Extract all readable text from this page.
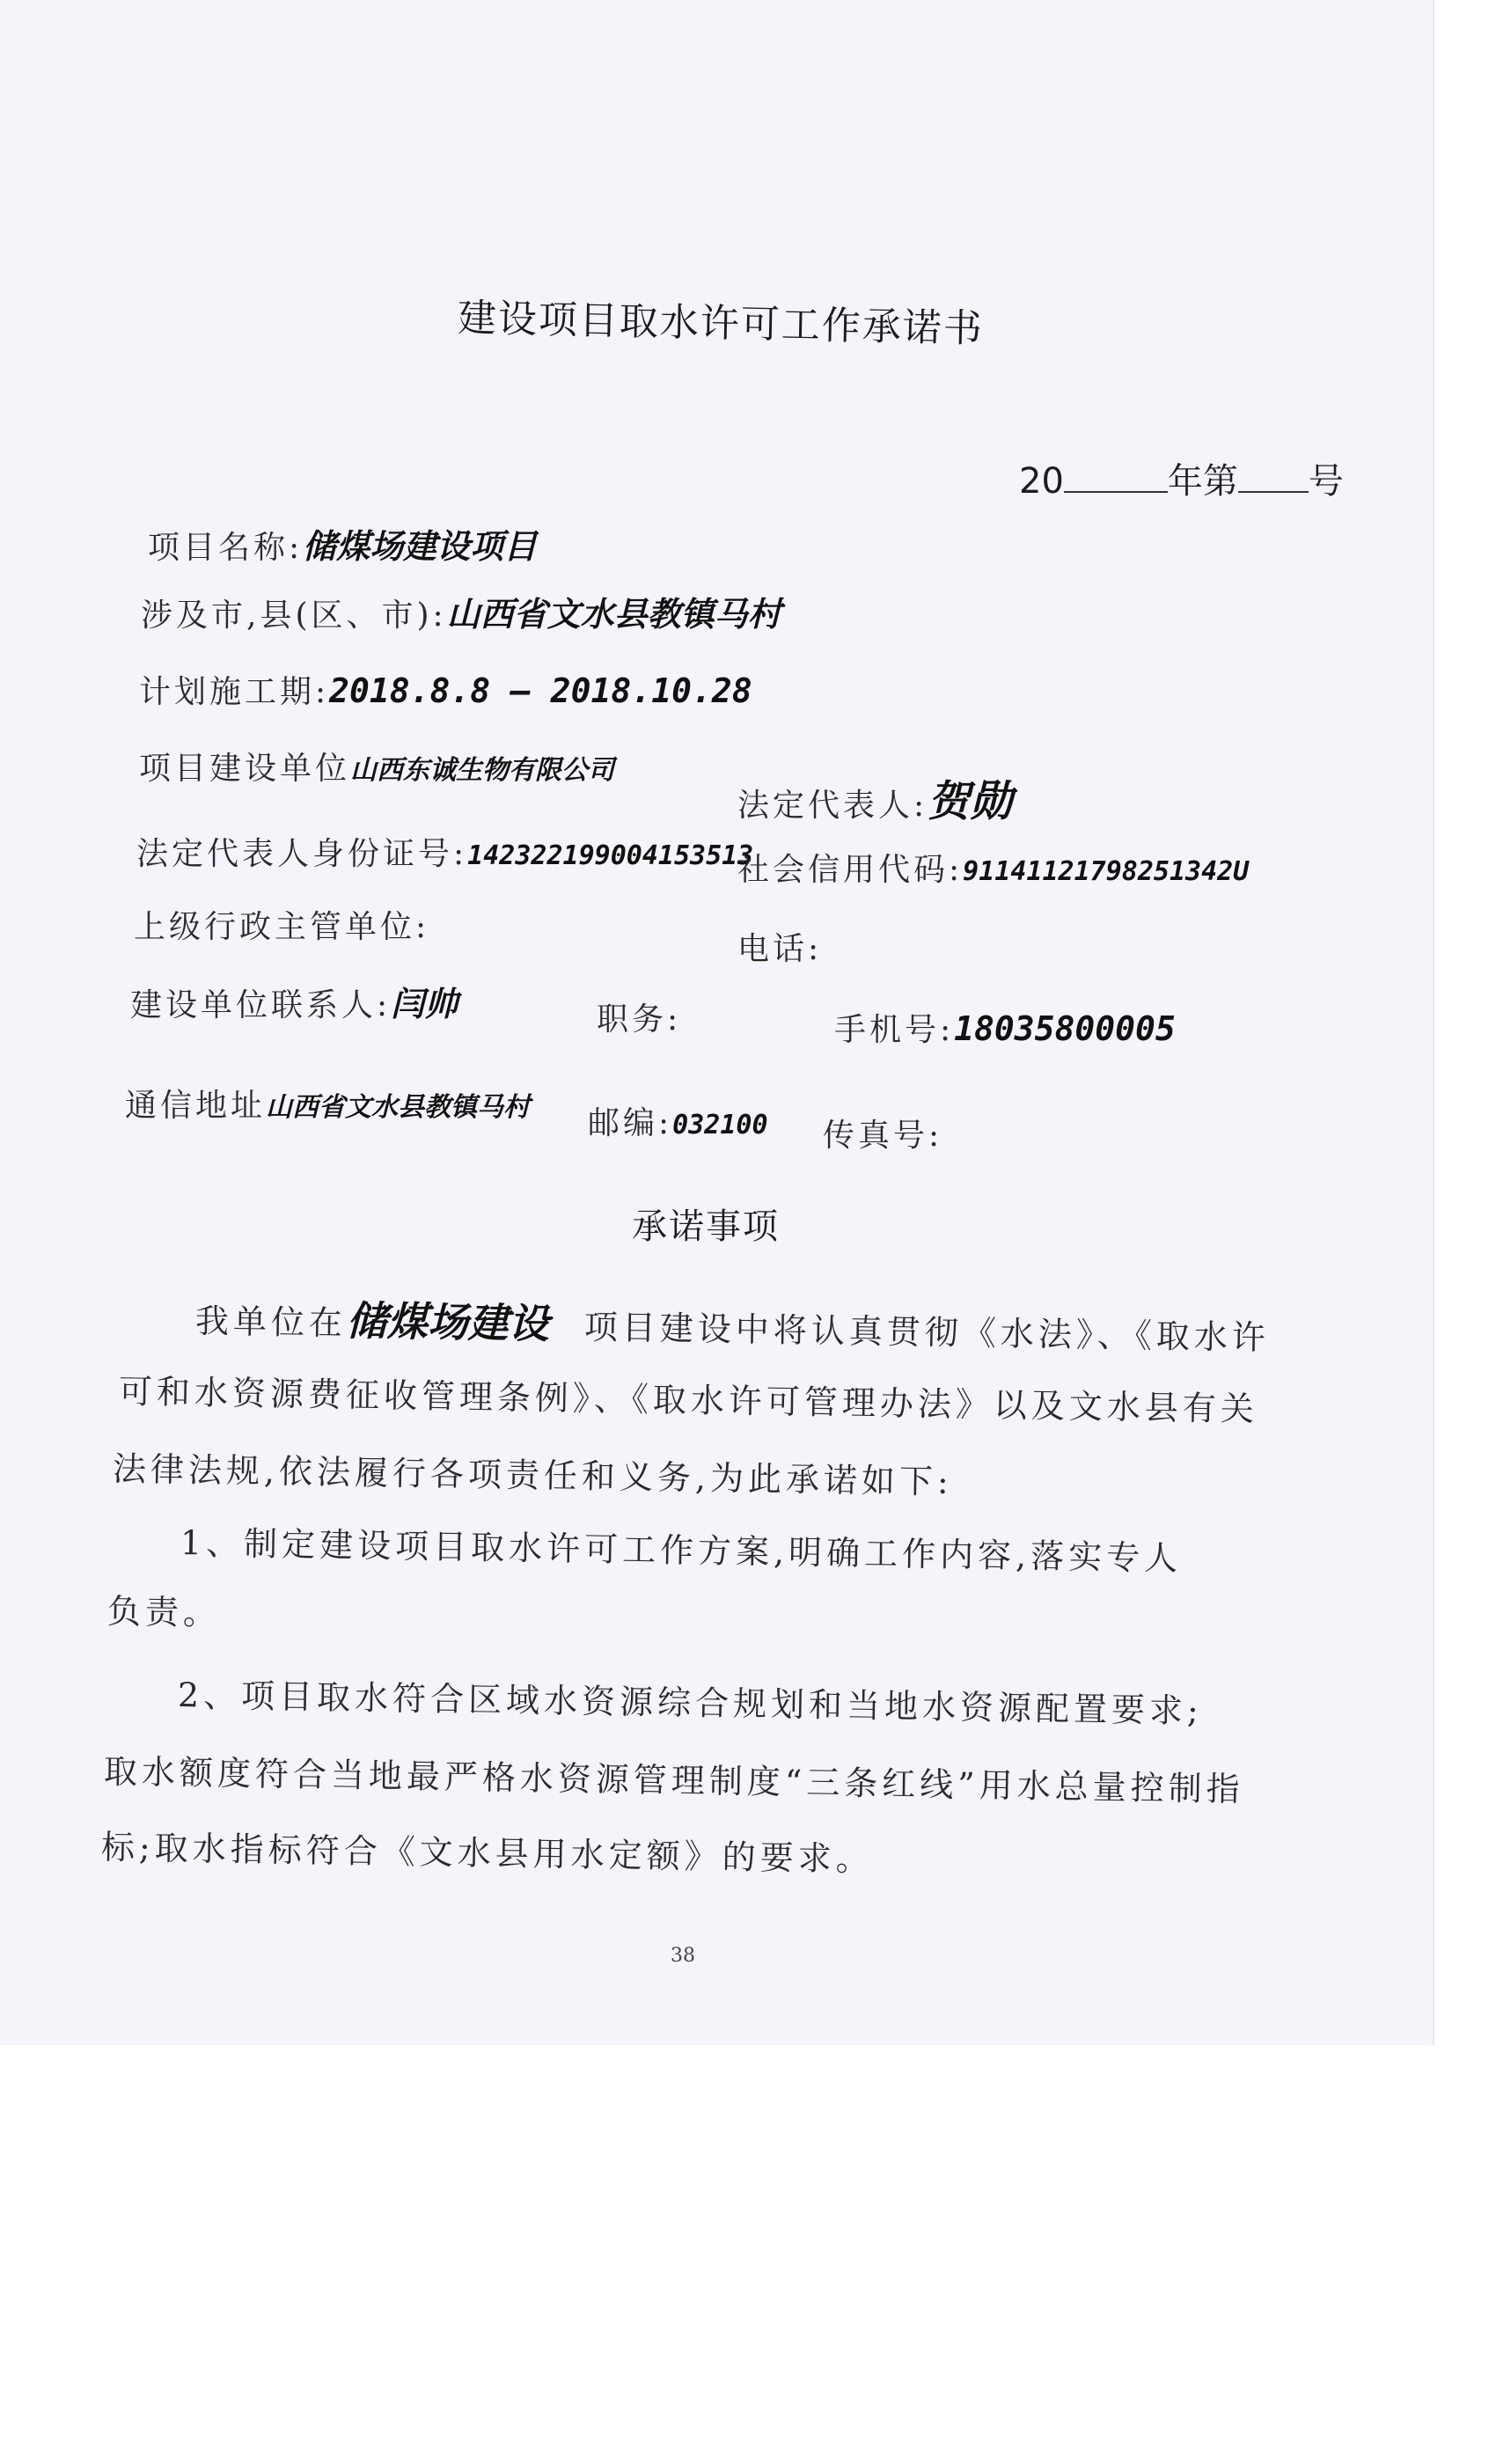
建设项目取水许可工作承诺书
20	年第 号
项目名称:储煤场建设项目
涉及市,县(区、市):山西省文水县教镇马村
计划施工期:2018.8.8 — 2018.10.28
项目建设单位山西东诚生物有限公司
法定代表人:贺勋
法定代表人身份证号:142322199004153513
社会信用代码:91141121798251342U
上级行政主管单位:
电话:
建设单位联系人:闫帅	职务:	手机号:18035800005
通信地址山西省文水县教镇马村 邮编:032100 传真号:
承诺事项
我单位在储煤场建设 项目建设中将认真贯彻《水法》、《取水许
可和水资源费征收管理条例》、《取水许可管理办法》以及文水县有关
法律法规,依法履行各项责任和义务,为此承诺如下:
1、制定建设项目取水许可工作方案,明确工作内容,落实专人
负责。
2、项目取水符合区域水资源综合规划和当地水资源配置要求;
取水额度符合当地最严格水资源管理制度“三条红线”用水总量控制指
标;取水指标符合《文水县用水定额》的要求。
38
